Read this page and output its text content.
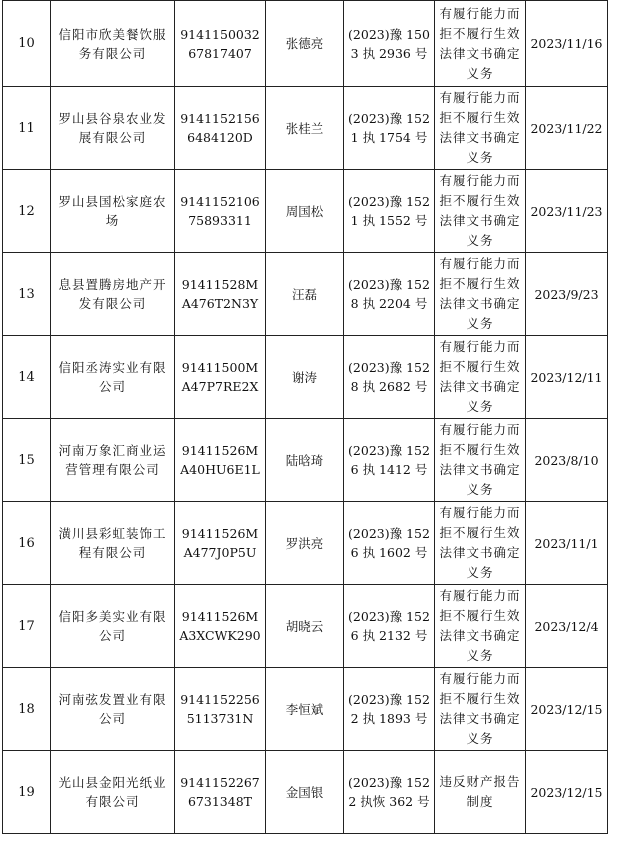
10	信阳市欣美餐饮服务有限公司	914115003267817407	张德亮	(2023)豫 1503 执 2936 号	有履行能力而拒不履行生效法律文书确定义务	2023/11/16
11	罗山县谷泉农业发展有限公司	91411521566484120D	张桂兰	(2023)豫 1521 执 1754 号	有履行能力而拒不履行生效法律文书确定义务	2023/11/22
12	罗山县国松家庭农场	9141152106 75893311	周国松	(2023)豫 1521 执 1552 号	有履行能力而拒不履行生效法律文书确定义务	2023/11/23
13	息县置腾房地产开发有限公司	91411528MA476T2N3Y	汪磊	(2023)豫 1528 执 2204 号	有履行能力而拒不履行生效法律文书确定义务	2023/9/23
14	信阳丞涛实业有限公司	91411500MA47P7RE2X	谢涛	(2023)豫 1528 执 2682 号	有履行能力而拒不履行生效法律文书确定义务	2023/12/11
15	河南万象汇商业运营管理有限公司	91411526MA40HU6E1L	陆晗琦	(2023)豫 1526 执 1412 号	有履行能力而拒不履行生效法律文书确定义务	2023/8/10
16	潢川县彩虹装饰工程有限公司	91411526MA477J0P5U	罗洪亮	(2023)豫 1526 执 1602 号	有履行能力而拒不履行生效法律文书确定义务	2023/11/1
17	信阳多美实业有限公司	91411526MA3XCWK290	胡晓云	(2023)豫 1526 执 2132 号	有履行能力而拒不履行生效法律文书确定义务	2023/12/4
18	河南弦发置业有限公司	91411522565113731N	李恒斌	(2023)豫 1522 执 1893 号	有履行能力而拒不履行生效法律文书确定义务	2023/12/15
19	光山县金阳光纸业有限公司	91411522676731348T	金国银	(2023)豫 1522 执恢 362 号	违反财产报告制度	2023/12/15
